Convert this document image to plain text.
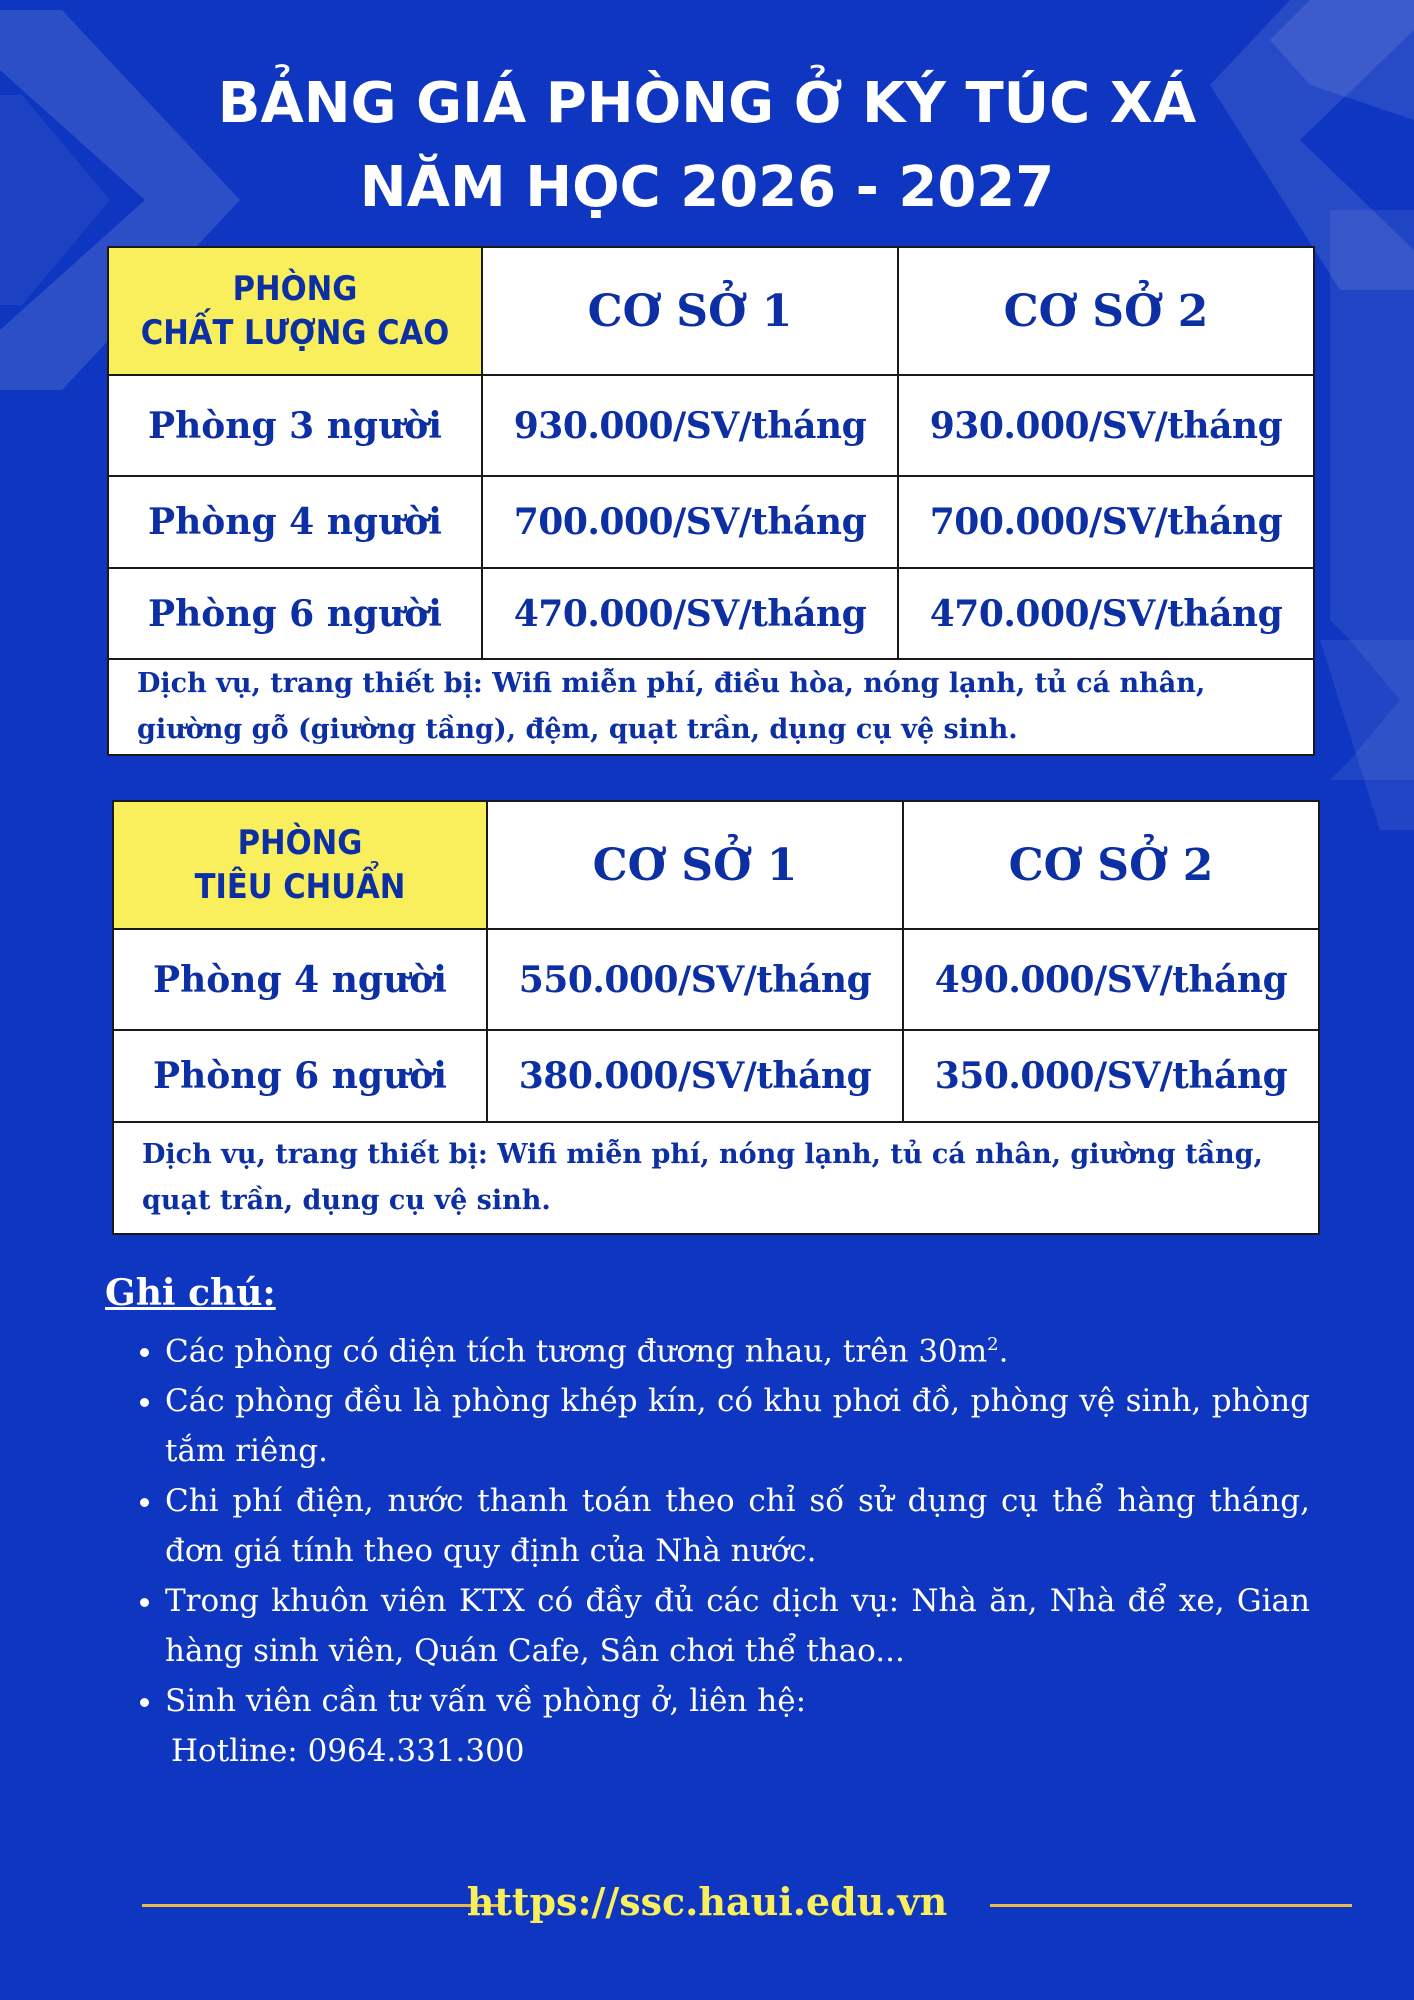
BẢNG GIÁ PHÒNG Ở KÝ TÚC XÁ
NĂM HỌC 2026 - 2027
PHÒNG
CHẤT LƯỢNG CAO	CƠ SỞ 1	CƠ SỞ 2
Phòng 3 người	930.000/SV/tháng	930.000/SV/tháng
Phòng 4 người	700.000/SV/tháng	700.000/SV/tháng
Phòng 6 người	470.000/SV/tháng	470.000/SV/tháng
Dịch vụ, trang thiết bị: Wifi miễn phí, điều hòa, nóng lạnh, tủ cá nhân, giường gỗ (giường tầng), đệm, quạt trần, dụng cụ vệ sinh.		
PHÒNG
TIÊU CHUẨN	CƠ SỞ 1	CƠ SỞ 2
Phòng 4 người	550.000/SV/tháng	490.000/SV/tháng
Phòng 6 người	380.000/SV/tháng	350.000/SV/tháng
Dịch vụ, trang thiết bị: Wifi miễn phí, nóng lạnh, tủ cá nhân, giường tầng, quạt trần, dụng cụ vệ sinh.		
Ghi chú:
• Các phòng có diện tích tương đương nhau, trên $30m^2$.
• Các phòng đều là phòng khép kín, có khu phơi đồ, phòng vệ sinh, phòng tắm riêng.
• Chi phí điện, nước thanh toán theo chỉ số sử dụng cụ thể hàng tháng, đơn giá tính theo quy định của Nhà nước.
• Trong khuôn viên KTX có đầy đủ các dịch vụ: Nhà ăn, Nhà để xe, Gian hàng sinh viên, Quán Cafe, Sân chơi thể thao...
• Sinh viên cần tư vấn về phòng ở, liên hệ:
Hotline: 0964.331.300
https://ssc.haui.edu.vn
